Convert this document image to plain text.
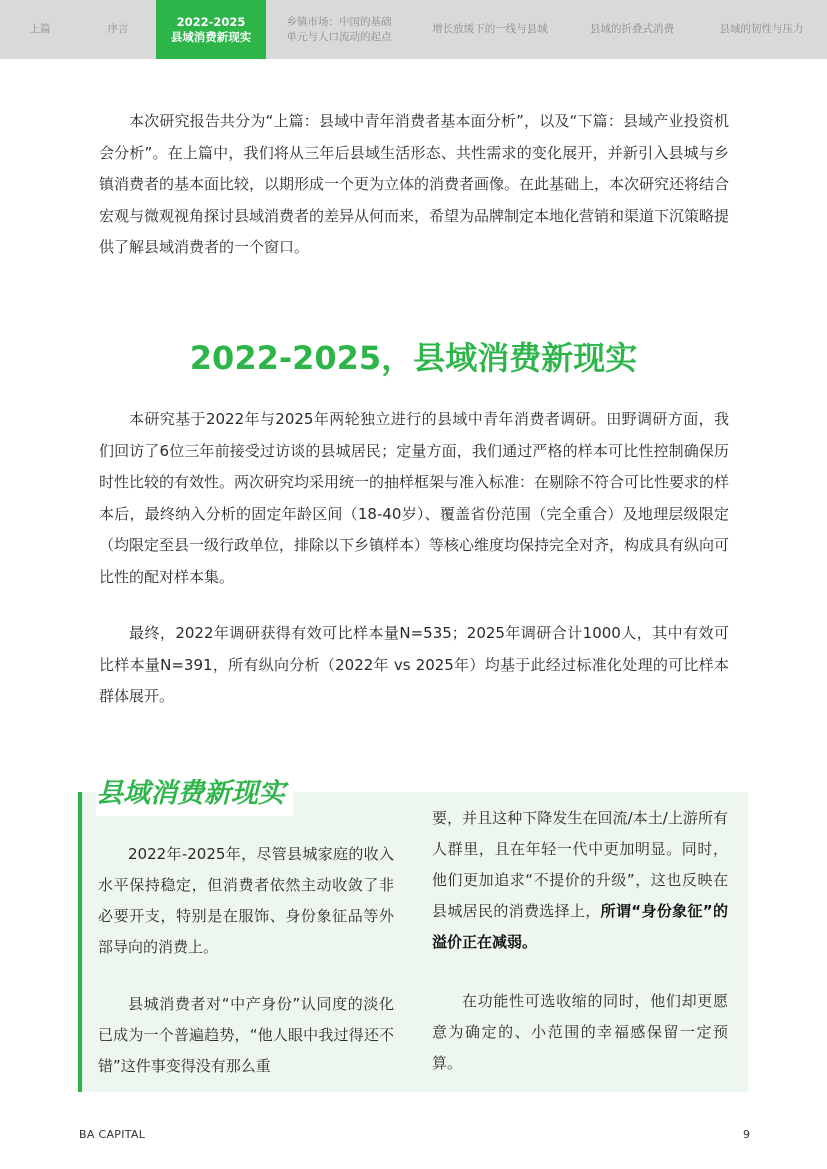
上篇	序言
2022-2025
县域消费新现实
乡镇市场：中国的基础
单元与人口流动的起点
增长放缓下的一线与县域	县域的折叠式消费	县域的韧性与压力

本次研究报告共分为“上篇：县域中青年消费者基本面分析”，以及“下篇：县域产业投资机会分析”。在上篇中，我们将从三年后县域生活形态、共性需求的变化展开，并新引入县城与乡镇消费者的基本面比较，以期形成一个更为立体的消费者画像。在此基础上，本次研究还将结合宏观与微观视角探讨县域消费者的差异从何而来，希望为品牌制定本地化营销和渠道下沉策略提供了解县域消费者的一个窗口。

2022-2025，县域消费新现实

本研究基于2022年与2025年两轮独立进行的县域中青年消费者调研。田野调研方面，我们回访了6位三年前接受过访谈的县城居民；定量方面，我们通过严格的样本可比性控制确保历时性比较的有效性。两次研究均采用统一的抽样框架与准入标准：在剔除不符合可比性要求的样本后，最终纳入分析的固定年龄区间（18-40岁）、覆盖省份范围（完全重合）及地理层级限定（均限定至县一级行政单位，排除以下乡镇样本）等核心维度均保持完全对齐，构成具有纵向可比性的配对样本集。

最终，2022年调研获得有效可比样本量N=535；2025年调研合计1000人，其中有效可比样本量N=391，所有纵向分析（2022年 vs 2025年）均基于此经过标准化处理的可比样本群体展开。

县域消费新现实

2022年-2025年，尽管县城家庭的收入水平保持稳定，但消费者依然主动收敛了非必要开支，特别是在服饰、身份象征品等外部导向的消费上。

县城消费者对“中产身份”认同度的淡化已成为一个普遍趋势，“他人眼中我过得还不错”这件事变得没有那么重

要，并且这种下降发生在回流/本土/上游所有人群里，且在年轻一代中更加明显。同时，他们更加追求“不提价的升级”，这也反映在县城居民的消费选择上，所谓“身份象征”的溢价正在减弱。

在功能性可选收缩的同时，他们却更愿意为确定的、小范围的幸福感保留一定预算。

BA CAPITAL	9
